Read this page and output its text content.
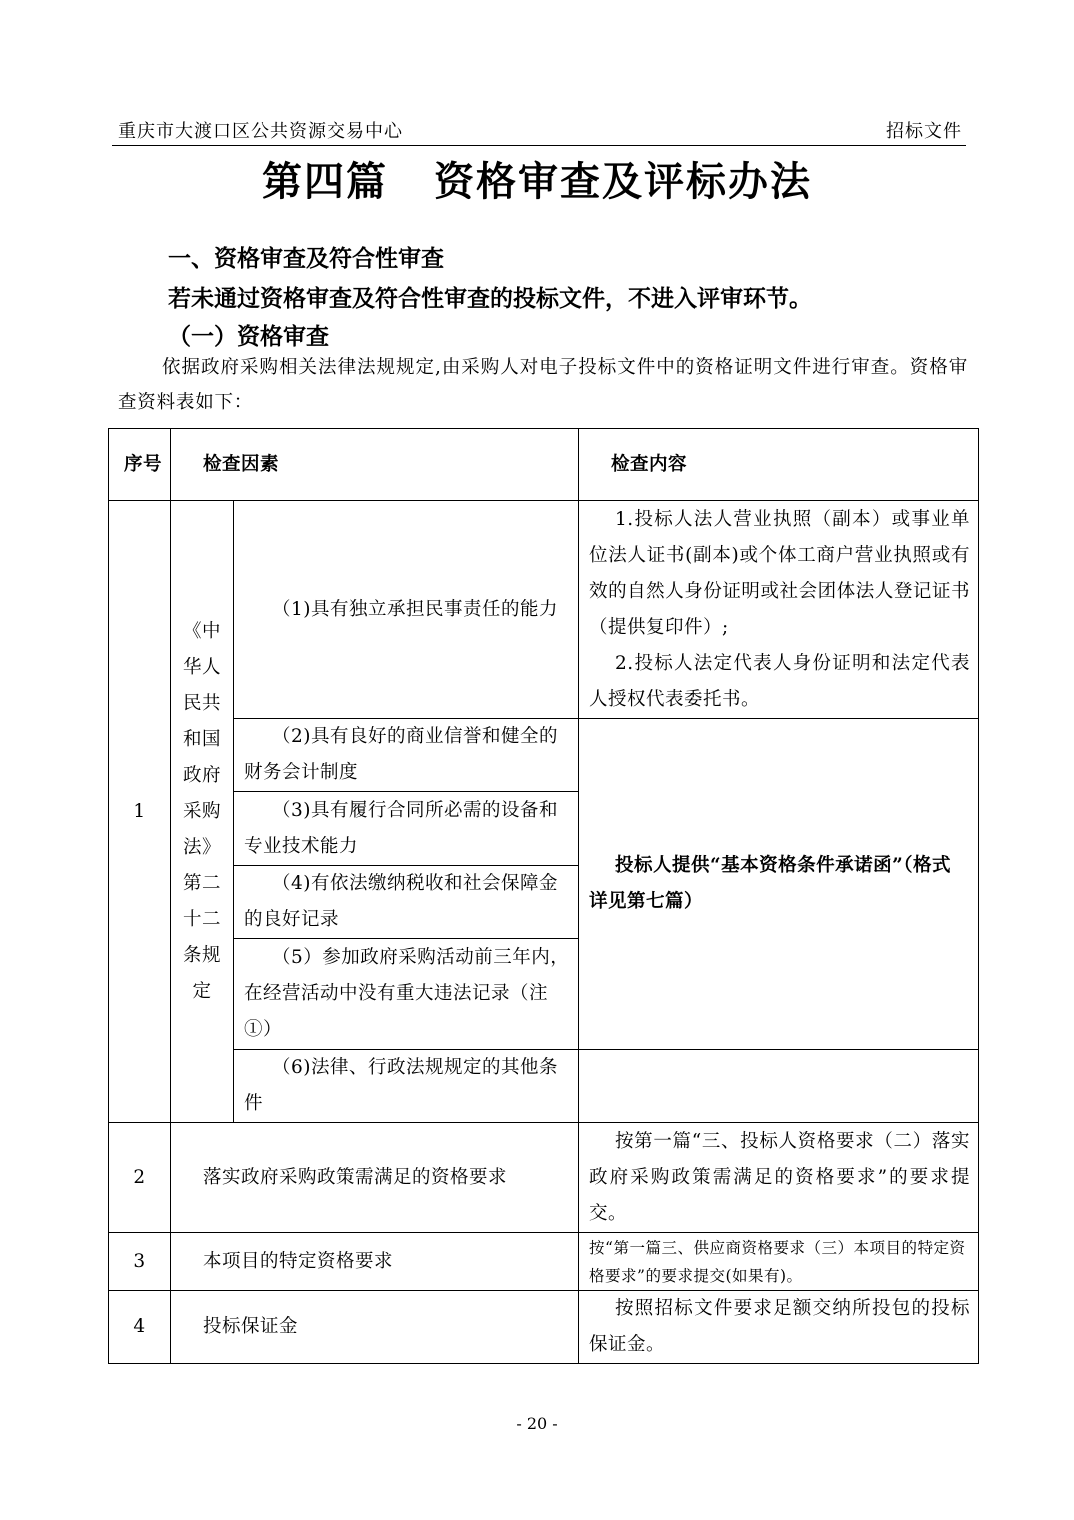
重庆市大渡口区公共资源交易中心	招标文件
第四篇 资格审查及评标办法
一、资格审查及符合性审查
若未通过资格审查及符合性审查的投标文件，不进入评审环节。
（一）资格审查
依据政府采购相关法律法规规定,由采购人对电子投标文件中的资格证明文件进行审查。资格审查资料表如下：
序号	检查因素		检查内容
1	《中华人民共和国政府采购法》第二十二条规定	（1)具有独立承担民事责任的能力	1.投标人法人营业执照（副本）或事业单位法人证书(副本)或个体工商户营业执照或有效的自然人身份证明或社会团体法人登记证书（提供复印件）;
2.投标人法定代表人身份证明和法定代表人授权代表委托书。

		（2)具有良好的商业信誉和健全的财务会计制度	投标人提供“基本资格条件承诺函”（格式详见第七篇）
		（3)具有履行合同所必需的设备和专业技术能力	
		（4)有依法缴纳税收和社会保障金的良好记录	
		（5）参加政府采购活动前三年内，在经营活动中没有重大违法记录（注①）	
		（6)法律、行政法规规定的其他条件	
2	落实政府采购政策需满足的资格要求		按第一篇“三、投标人资格要求（二）落实政府采购政策需满足的资格要求”的要求提交。
3	本项目的特定资格要求		按“第一篇三、供应商资格要求（三）本项目的特定资格要求”的要求提交(如果有)。
4	投标保证金		按照招标文件要求足额交纳所投包的投标保证金。
- 20 -
